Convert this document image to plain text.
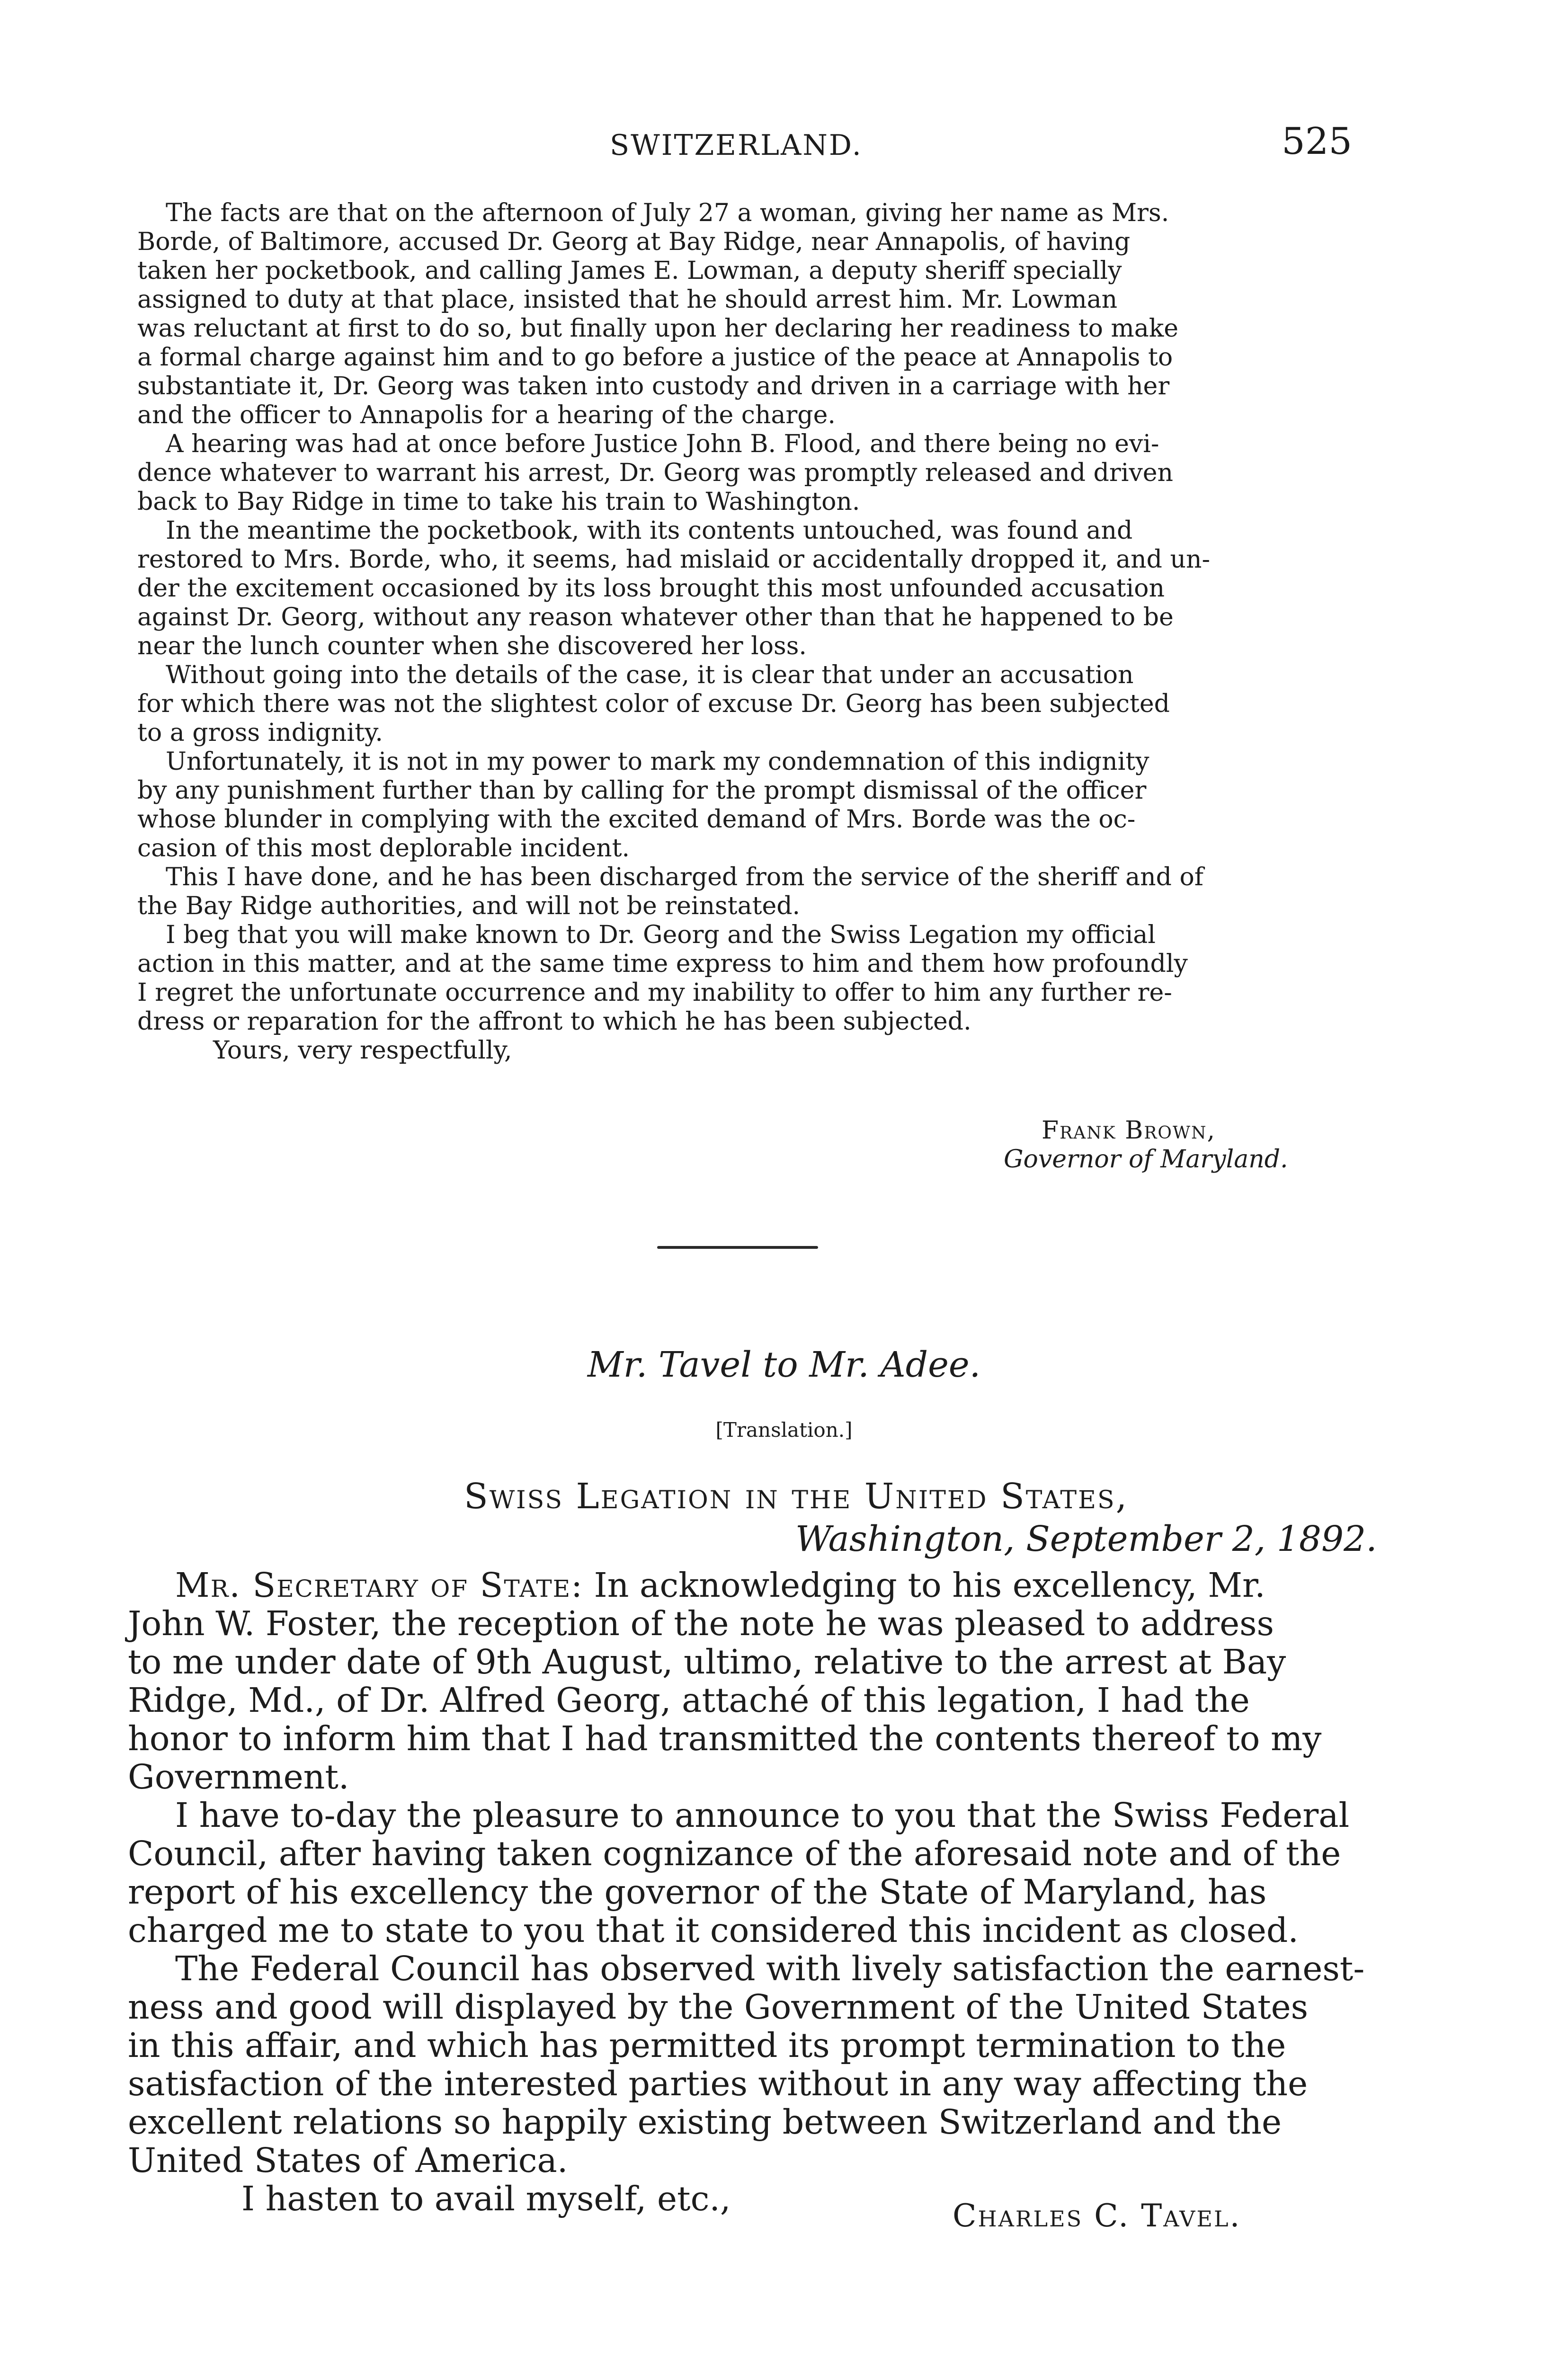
SWITZERLAND.	525

The facts are that on the afternoon of July 27 a woman, giving her name as Mrs.
Borde, of Baltimore, accused Dr. Georg at Bay Ridge, near Annapolis, of having
taken her pocketbook, and calling James E. Lowman, a deputy sheriff specially
assigned to duty at that place, insisted that he should arrest him. Mr. Lowman
was reluctant at first to do so, but finally upon her declaring her readiness to make
a formal charge against him and to go before a justice of the peace at Annapolis to
substantiate it, Dr. Georg was taken into custody and driven in a carriage with her
and the officer to Annapolis for a hearing of the charge.

A hearing was had at once before Justice John B. Flood, and there being no evi-
dence whatever to warrant his arrest, Dr. Georg was promptly released and driven
back to Bay Ridge in time to take his train to Washington.

In the meantime the pocketbook, with its contents untouched, was found and
restored to Mrs. Borde, who, it seems, had mislaid or accidentally dropped it, and un-
der the excitement occasioned by its loss brought this most unfounded accusation
against Dr. Georg, without any reason whatever other than that he happened to be
near the lunch counter when she discovered her loss.

Without going into the details of the case, it is clear that under an accusation
for which there was not the slightest color of excuse Dr. Georg has been subjected
to a gross indignity.

Unfortunately, it is not in my power to mark my condemnation of this indignity
by any punishment further than by calling for the prompt dismissal of the officer
whose blunder in complying with the excited demand of Mrs. Borde was the oc-
casion of this most deplorable incident.

This I have done, and he has been discharged from the service of the sheriff and of
the Bay Ridge authorities, and will not be reinstated.

I beg that you will make known to Dr. Georg and the Swiss Legation my official
action in this matter, and at the same time express to him and them how profoundly
I regret the unfortunate occurrence and my inability to offer to him any further re-
dress or reparation for the affront to which he has been subjected.

Yours, very respectfully,

Frank Brown,
Governor of Maryland.
Mr. Tavel to Mr. Adee.
[Translation.]
Swiss Legation in the United States,
Washington, September 2, 1892.

Mr. Secretary of State: In acknowledging to his excellency, Mr.
John W. Foster, the reception of the note he was pleased to address
to me under date of 9th August, ultimo, relative to the arrest at Bay
Ridge, Md., of Dr. Alfred Georg, attaché of this legation, I had the
honor to inform him that I had transmitted the contents thereof to my
Government.

I have to-day the pleasure to announce to you that the Swiss Federal
Council, after having taken cognizance of the aforesaid note and of the
report of his excellency the governor of the State of Maryland, has
charged me to state to you that it considered this incident as closed.

The Federal Council has observed with lively satisfaction the earnest-
ness and good will displayed by the Government of the United States
in this affair, and which has permitted its prompt termination to the
satisfaction of the interested parties without in any way affecting the
excellent relations so happily existing between Switzerland and the
United States of America.

I hasten to avail myself, etc.,	Charles C. Tavel.
